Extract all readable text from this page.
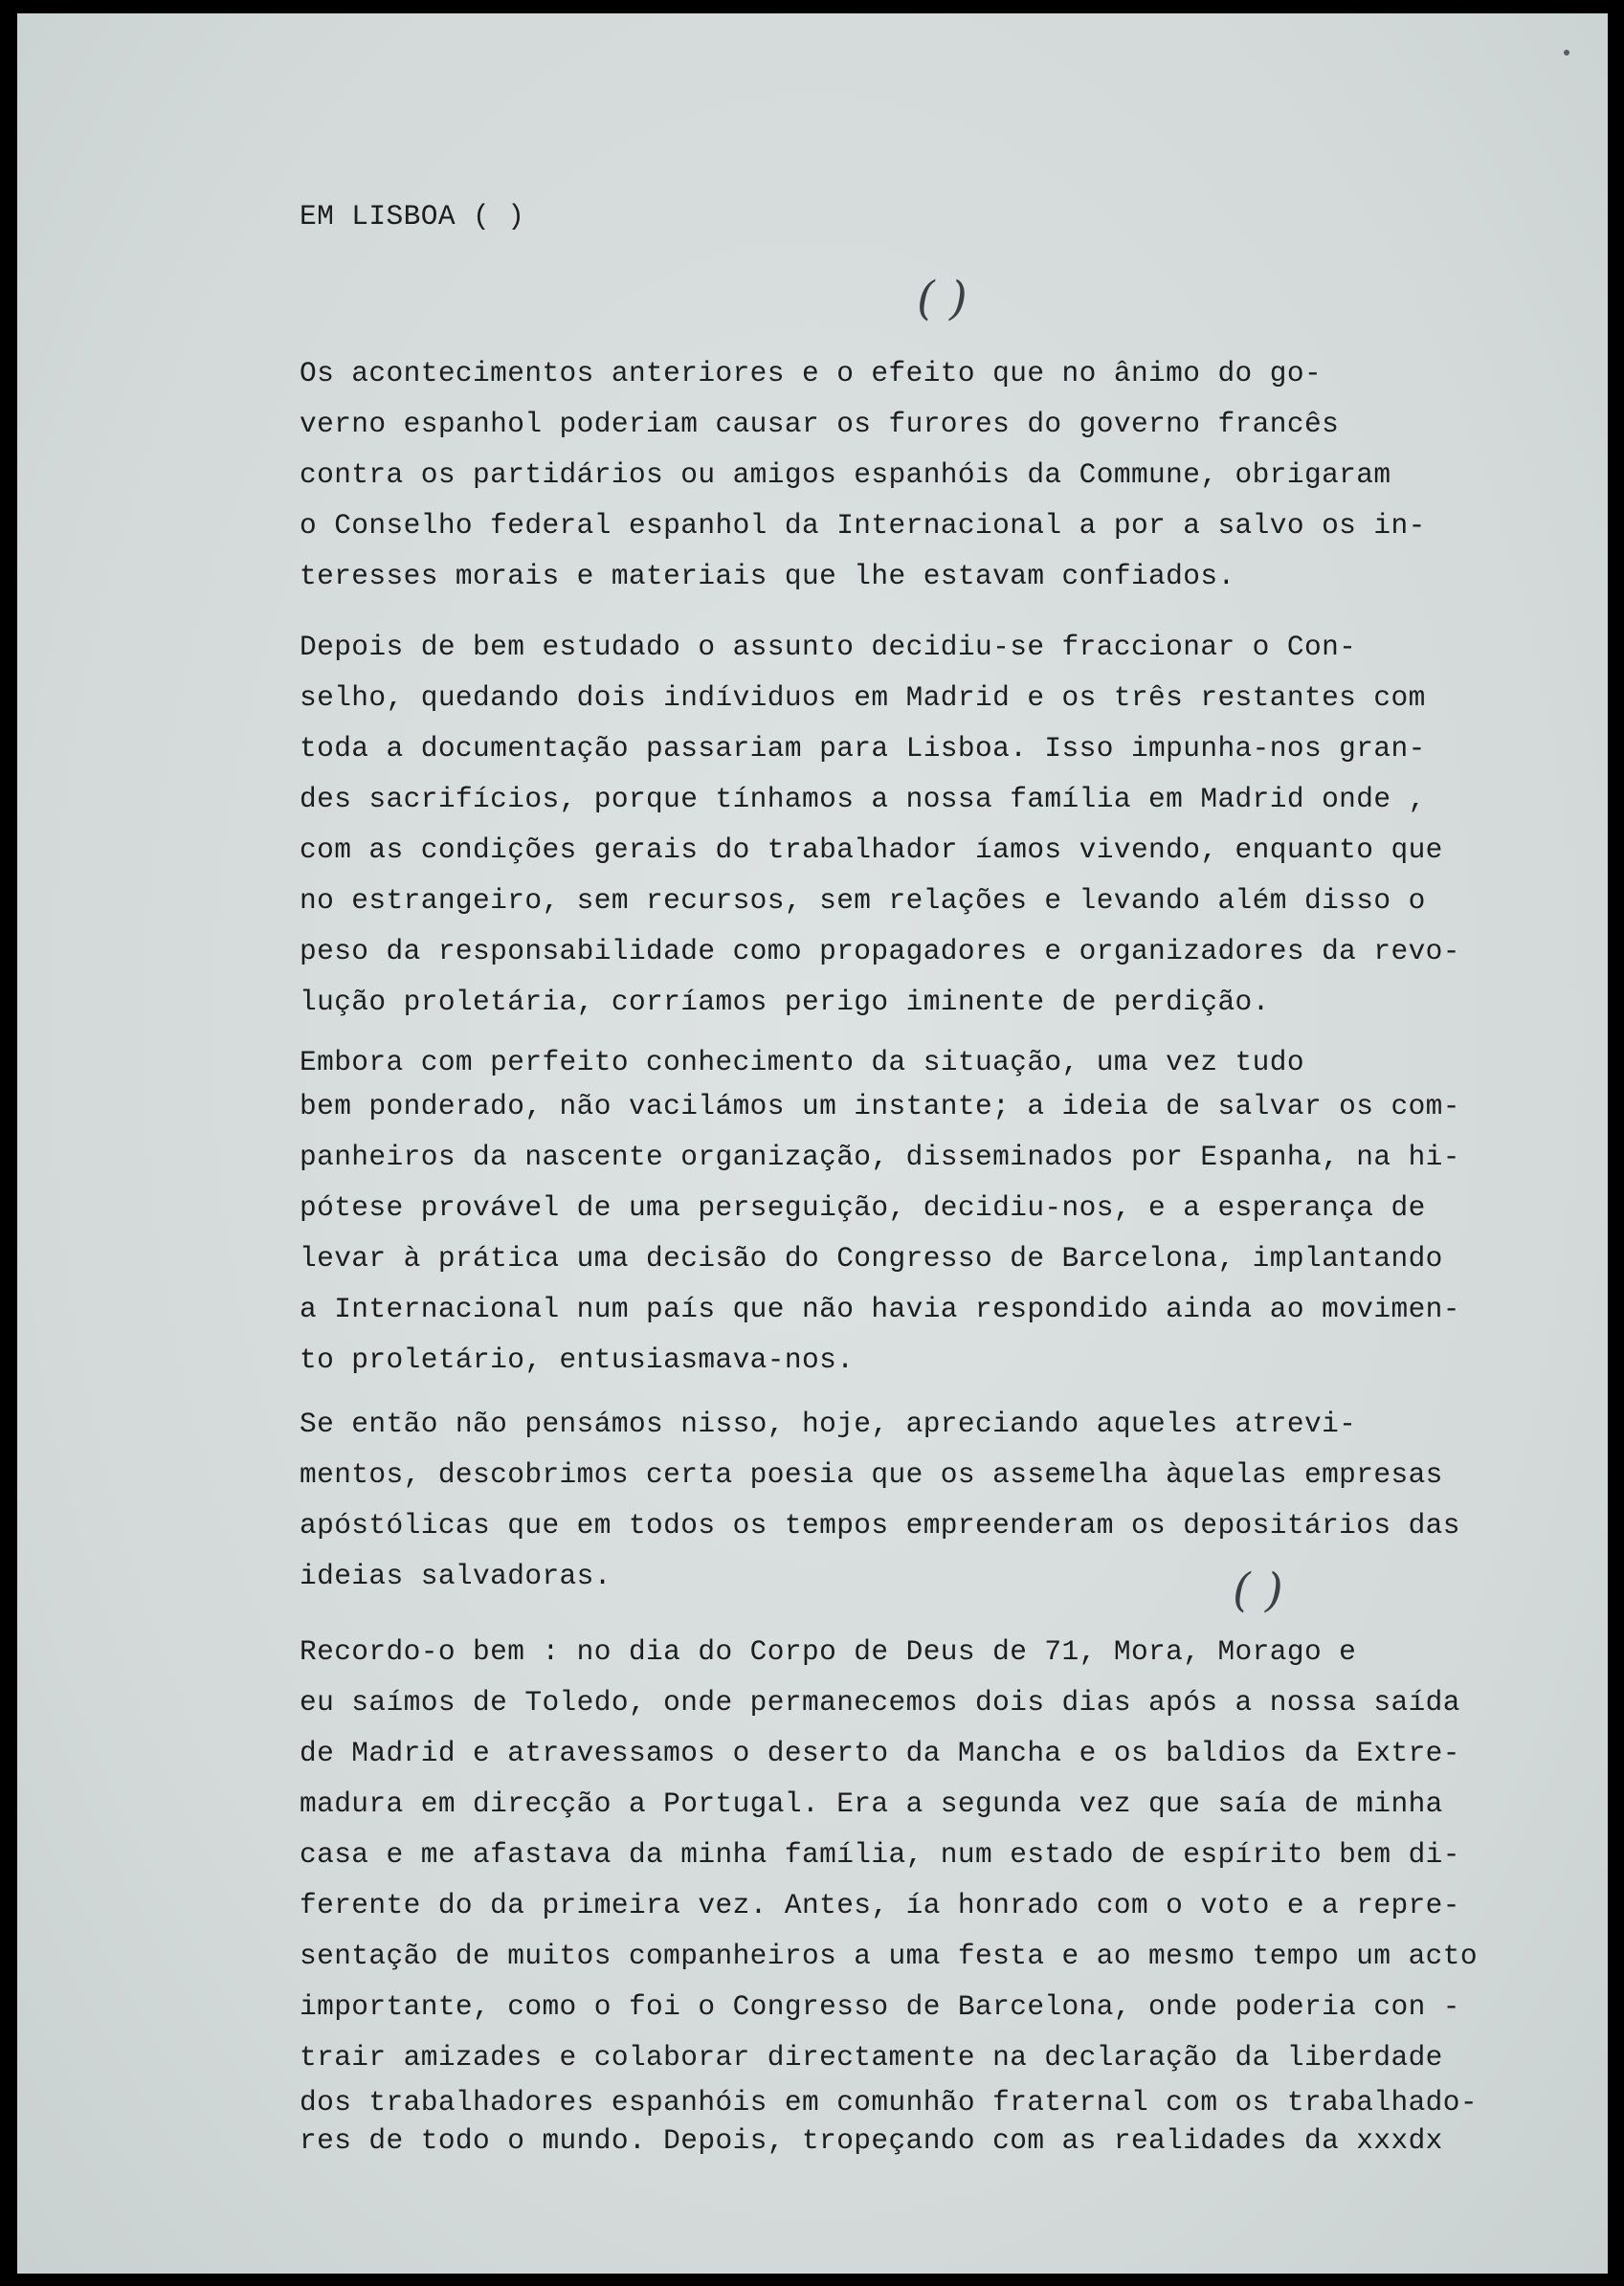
EM LISBOA ( )
( )
( )
Os acontecimentos anteriores e o efeito que no ânimo do go-
verno espanhol poderiam causar os furores do governo francês
contra os partidários ou amigos espanhóis da Commune, obrigaram
o Conselho federal espanhol da Internacional a por a salvo os in-
teresses morais e materiais que lhe estavam confiados.
Depois de bem estudado o assunto decidiu-se fraccionar o Con-
selho, quedando dois indíviduos em Madrid e os três restantes com
toda a documentação passariam para Lisboa. Isso impunha-nos gran-
des sacrifícios, porque tínhamos a nossa família em Madrid onde ,
com as condições gerais do trabalhador íamos vivendo, enquanto que
no estrangeiro, sem recursos, sem relações e levando além disso o
peso da responsabilidade como propagadores e organizadores da revo-
lução proletária, corríamos perigo iminente de perdição.
Embora com perfeito conhecimento da situação, uma vez tudo
bem ponderado, não vacilámos um instante; a ideia de salvar os com-
panheiros da nascente organização, disseminados por Espanha, na hi-
pótese provável de uma perseguição, decidiu-nos, e a esperança de
levar à prática uma decisão do Congresso de Barcelona, implantando
a Internacional num país que não havia respondido ainda ao movimen-
to proletário, entusiasmava-nos.
Se então não pensámos nisso, hoje, apreciando aqueles atrevi-
mentos, descobrimos certa poesia que os assemelha àquelas empresas
apóstólicas que em todos os tempos empreenderam os depositários das
ideias salvadoras.
Recordo-o bem : no dia do Corpo de Deus de 71, Mora, Morago e
eu saímos de Toledo, onde permanecemos dois dias após a nossa saída
de Madrid e atravessamos o deserto da Mancha e os baldios da Extre-
madura em direcção a Portugal. Era a segunda vez que saía de minha
casa e me afastava da minha família, num estado de espírito bem di-
ferente do da primeira vez. Antes, ía honrado com o voto e a repre-
sentação de muitos companheiros a uma festa e ao mesmo tempo um acto
importante, como o foi o Congresso de Barcelona, onde poderia con -
trair amizades e colaborar directamente na declaração da liberdade
dos trabalhadores espanhóis em comunhão fraternal com os trabalhado-
res de todo o mundo. Depois, tropeçando com as realidades da xxxdx
